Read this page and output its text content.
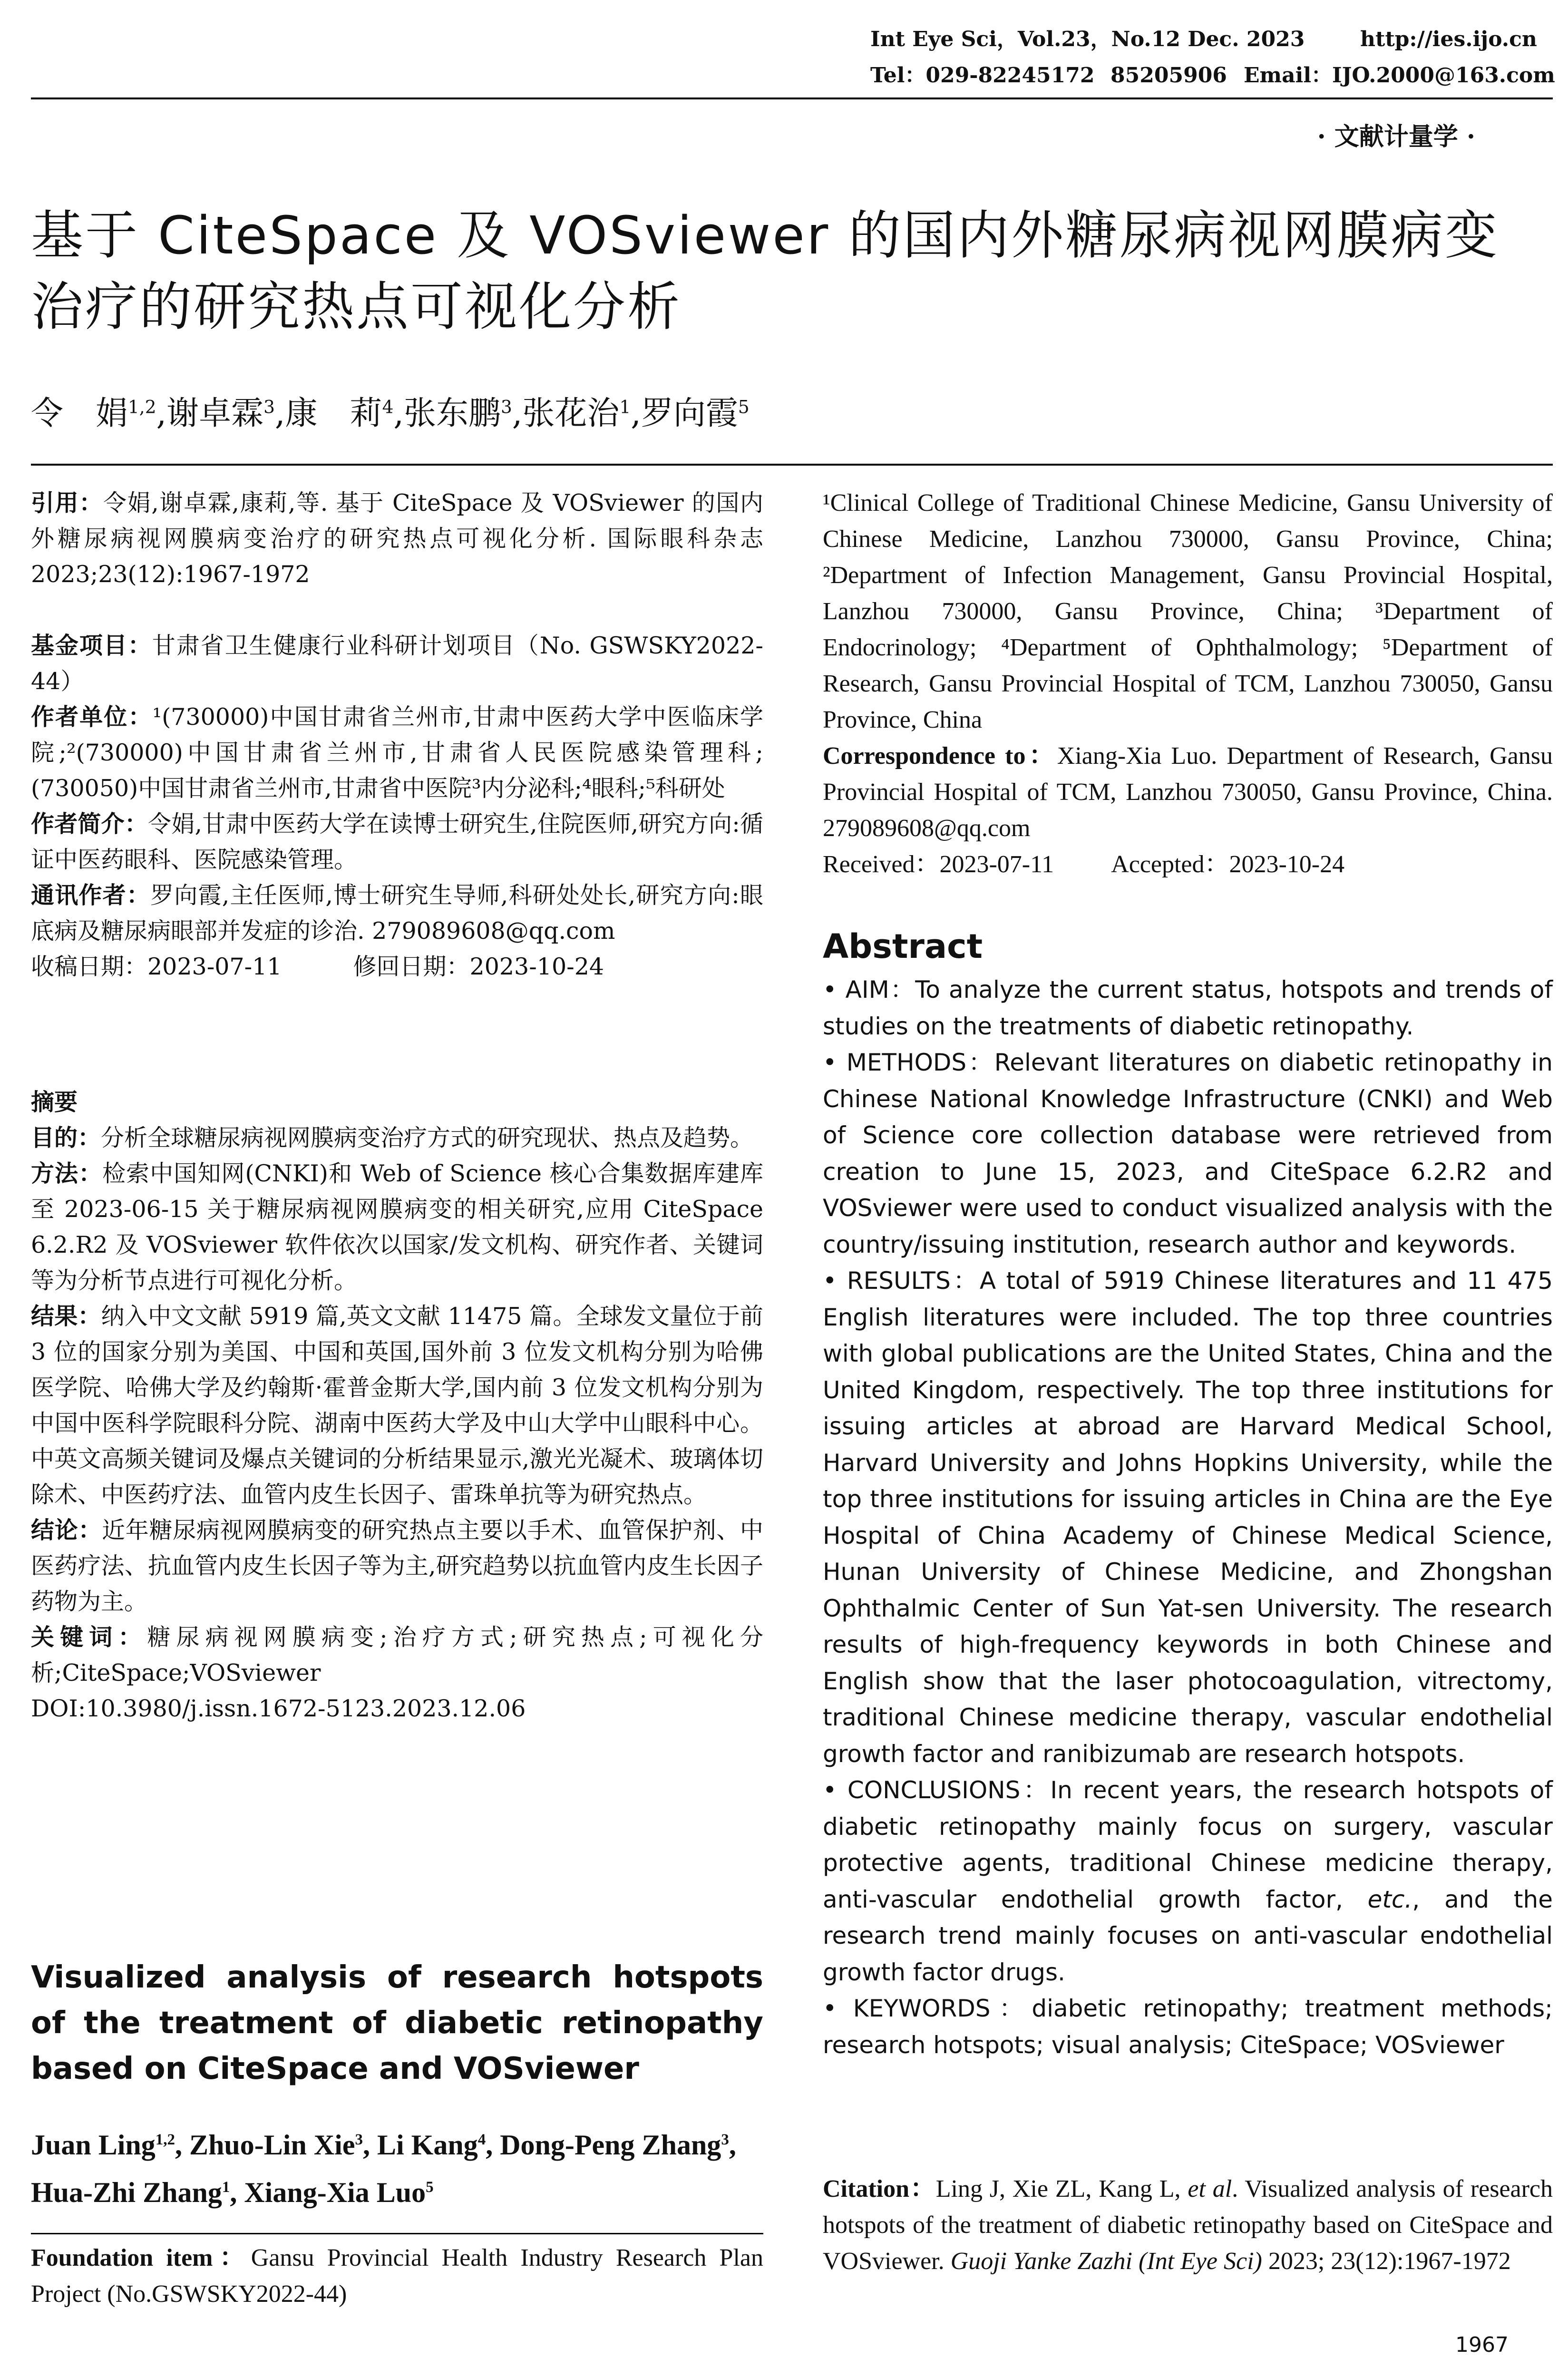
Int Eye Sci，Vol.23，No.12 Dec. 2023	http://ies.ijo.cn
Tel：029-82245172 85205906 Email：IJO.2000@163.com
· 文献计量学 ·
基于 CiteSpace 及 VOSviewer 的国内外糖尿病视网膜病变治疗的研究热点可视化分析
令　娟$^{1,2}$,谢卓霖$^3$,康　莉$^4$,张东鹏$^3$,张花治$^1$,罗向霞$^5$

引用：令娟,谢卓霖,康莉,等. 基于 CiteSpace 及 VOSviewer 的国内外糖尿病视网膜病变治疗的研究热点可视化分析. 国际眼科杂志 2023;23(12):1967-1972

基金项目：甘肃省卫生健康行业科研计划项目（No. GSWSKY2022-44）

作者单位：¹(730000)中国甘肃省兰州市,甘肃中医药大学中医临床学院;²(730000)中国甘肃省兰州市,甘肃省人民医院感染管理科;(730050)中国甘肃省兰州市,甘肃省中医院³内分泌科;⁴眼科;⁵科研处

作者简介：令娟,甘肃中医药大学在读博士研究生,住院医师,研究方向:循证中医药眼科、医院感染管理。

通讯作者：罗向霞,主任医师,博士研究生导师,科研处处长,研究方向:眼底病及糖尿病眼部并发症的诊治. 279089608@qq.com

收稿日期：2023-07-11	修回日期：2023-10-24

摘要

目的：分析全球糖尿病视网膜病变治疗方式的研究现状、热点及趋势。

方法：检索中国知网(CNKI)和 Web of Science 核心合集数据库建库至 2023-06-15 关于糖尿病视网膜病变的相关研究,应用 CiteSpace 6.2.R2 及 VOSviewer 软件依次以国家/发文机构、研究作者、关键词等为分析节点进行可视化分析。

结果：纳入中文文献 5919 篇,英文文献 11475 篇。全球发文量位于前 3 位的国家分别为美国、中国和英国,国外前 3 位发文机构分别为哈佛医学院、哈佛大学及约翰斯·霍普金斯大学,国内前 3 位发文机构分别为中国中医科学院眼科分院、湖南中医药大学及中山大学中山眼科中心。中英文高频关键词及爆点关键词的分析结果显示,激光光凝术、玻璃体切除术、中医药疗法、血管内皮生长因子、雷珠单抗等为研究热点。

结论：近年糖尿病视网膜病变的研究热点主要以手术、血管保护剂、中医药疗法、抗血管内皮生长因子等为主,研究趋势以抗血管内皮生长因子药物为主。

关键词：糖尿病视网膜病变;治疗方式;研究热点;可视化分析;CiteSpace;VOSviewer

DOI:10.3980/j.issn.1672-5123.2023.12.06

Visualized analysis of research hotspots of the treatment of diabetic retinopathy based on CiteSpace and VOSviewer
Juan Ling$^{1,2}$, Zhuo-Lin Xie$^3$, Li Kang$^4$, Dong-Peng Zhang$^3$, Hua-Zhi Zhang$^1$, Xiang-Xia Luo$^5$

Foundation item：Gansu Provincial Health Industry Research Plan Project (No.GSWSKY2022-44)

¹Clinical College of Traditional Chinese Medicine, Gansu University of Chinese Medicine, Lanzhou 730000, Gansu Province, China; ²Department of Infection Management, Gansu Provincial Hospital, Lanzhou 730000, Gansu Province, China; ³Department of Endocrinology; ⁴Department of Ophthalmology; ⁵Department of Research, Gansu Provincial Hospital of TCM, Lanzhou 730050, Gansu Province, China

Correspondence to：Xiang-Xia Luo. Department of Research, Gansu Provincial Hospital of TCM, Lanzhou 730050, Gansu Province, China. 279089608@qq.com

Received：2023-07-11 Accepted：2023-10-24

Abstract

• AIM：To analyze the current status, hotspots and trends of studies on the treatments of diabetic retinopathy.

• METHODS：Relevant literatures on diabetic retinopathy in Chinese National Knowledge Infrastructure (CNKI) and Web of Science core collection database were retrieved from creation to June 15, 2023, and CiteSpace 6.2.R2 and VOSviewer were used to conduct visualized analysis with the country/issuing institution, research author and keywords.

• RESULTS：A total of 5919 Chinese literatures and 11 475 English literatures were included. The top three countries with global publications are the United States, China and the United Kingdom, respectively. The top three institutions for issuing articles at abroad are Harvard Medical School, Harvard University and Johns Hopkins University, while the top three institutions for issuing articles in China are the Eye Hospital of China Academy of Chinese Medical Science, Hunan University of Chinese Medicine, and Zhongshan Ophthalmic Center of Sun Yat-sen University. The research results of high-frequency keywords in both Chinese and English show that the laser photocoagulation, vitrectomy, traditional Chinese medicine therapy, vascular endothelial growth factor and ranibizumab are research hotspots.

• CONCLUSIONS：In recent years, the research hotspots of diabetic retinopathy mainly focus on surgery, vascular protective agents, traditional Chinese medicine therapy, anti-vascular endothelial growth factor, etc., and the research trend mainly focuses on anti-vascular endothelial growth factor drugs.

• KEYWORDS：diabetic retinopathy; treatment methods; research hotspots; visual analysis; CiteSpace; VOSviewer

Citation：Ling J, Xie ZL, Kang L, et al. Visualized analysis of research hotspots of the treatment of diabetic retinopathy based on CiteSpace and VOSviewer. Guoji Yanke Zazhi (Int Eye Sci) 2023; 23(12):1967-1972

1967
